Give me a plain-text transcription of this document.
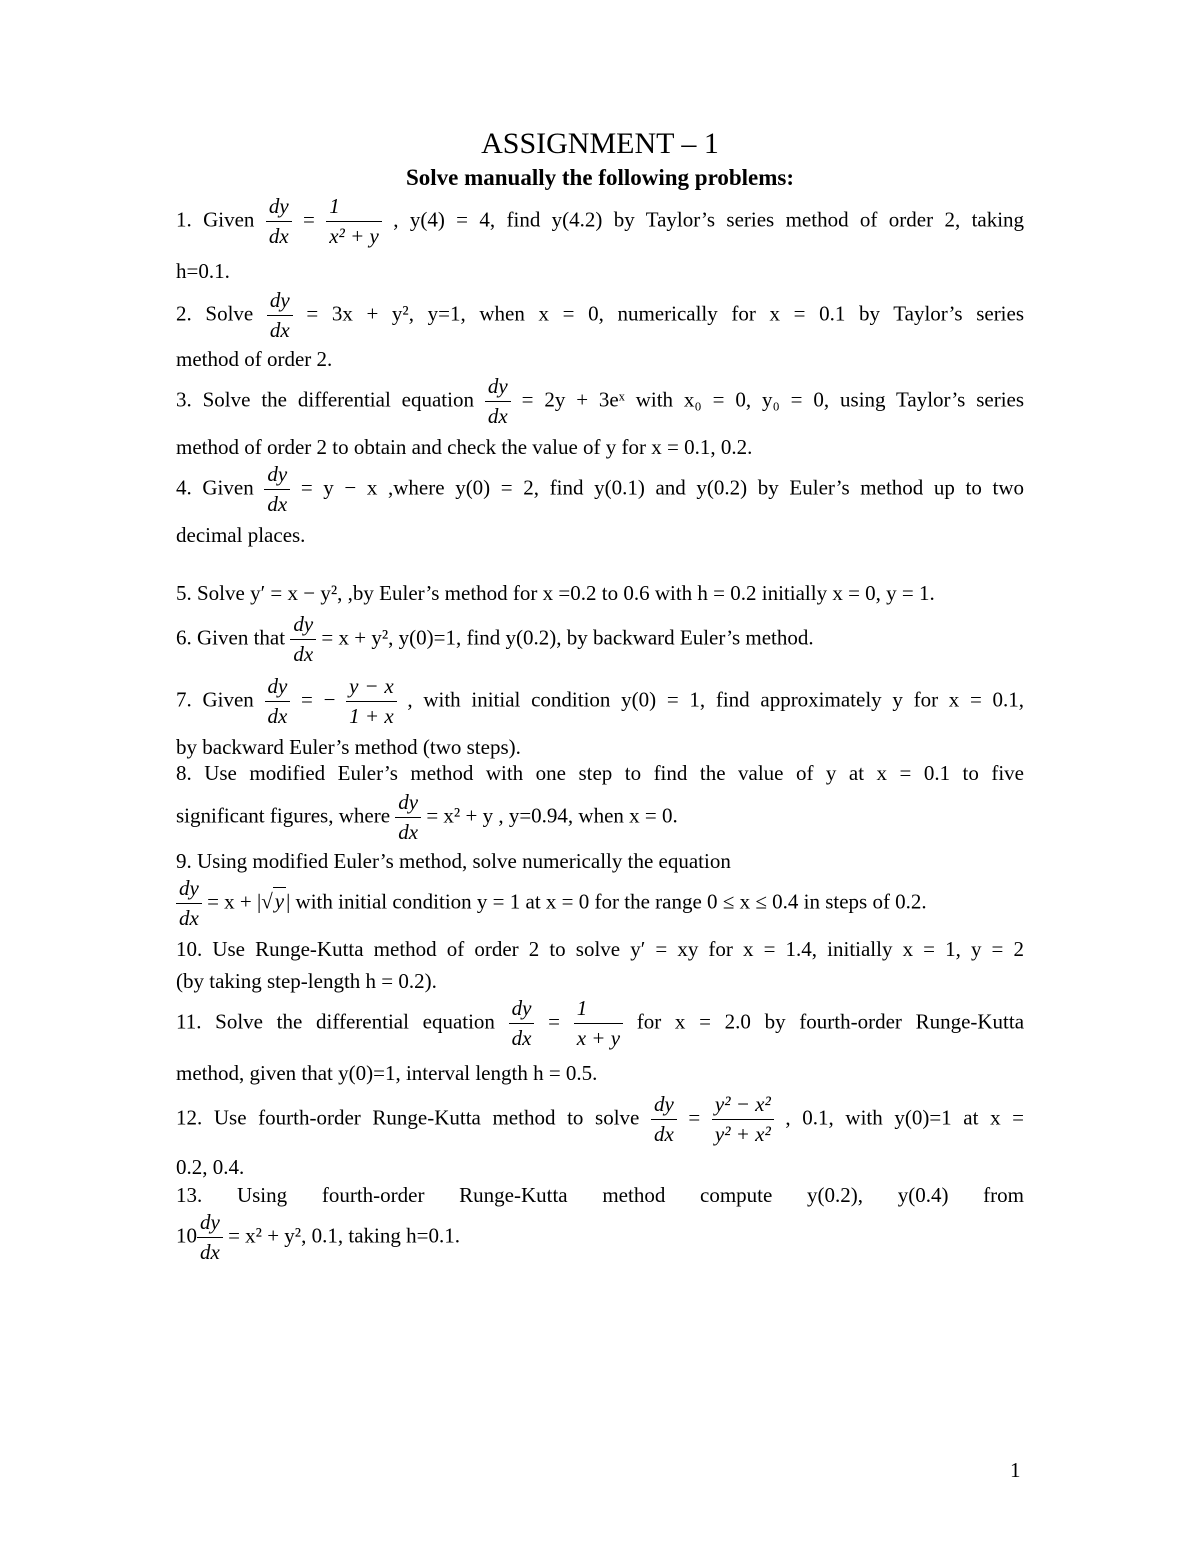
ASSIGNMENT – 1
Solve manually the following problems:
1. Given $\frac{dy}{dx} = \frac{1}{\text{x² + y}}$ , y(4) = 4, find y(4.2) by Taylor’s series method of order 2, taking
h=0.1.
2. Solve $\frac{dy}{dx} = 3x + y^2$, y=1, when x = 0, numerically for x = 0.1 by Taylor’s series
method of order 2.
3. Solve the differential equation $\frac{dy}{dx} = 2y$ + 3eˣ with x₀ = 0, y₀ = 0, using Taylor’s series
method of order 2 to obtain and check the value of y for x = 0.1, 0.2.
4. Given $\frac{dy}{dx} = y - x$ ,where y(0) = 2, find y(0.1) and y(0.2) by Euler’s method up to two
decimal places.
5. Solve y′ = x − y², ,by Euler’s method for x =0.2 to 0.6 with h = 0.2 initially x = 0, y = 1.
6. Given that $\frac{dy}{dx} = x + y^2$, y(0)=1, find y(0.2), by backward Euler’s method.
7. Given $\frac{dy}{dx}$ = − $\frac{y - x}{1 + x}$ , with initial condition y(0) = 1, find approximately y for x = 0.1,
by backward Euler’s method (two steps).
8. Use modified Euler’s method with one step to find the value of y at x = 0.1 to five
significant figures, where $\frac{dy}{dx} = x^2 + y$ , y=0.94, when x = 0.
9. Using modified Euler’s method, solve numerically the equation
$\frac{dy}{dx} = x + |√y|$ with initial condition y = 1 at x = 0 for the range 0 ≤ x ≤ 0.4 in steps of 0.2.
10. Use Runge-Kutta method of order 2 to solve y′ = xy for x = 1.4, initially x = 1, y = 2
(by taking step-length h = 0.2).
11. Solve the differential equation $\frac{dy}{dx} = \frac{1}{x + y}$ for x = 2.0 by fourth-order Runge-Kutta
method, given that y(0)=1, interval length h = 0.5.
12. Use fourth-order Runge-Kutta method to solve $\frac{dy}{dx} = \frac{\text{y² − x²}}{\text{y² + x²}}$ , 0.1, with y(0)=1 at x =
0.2, 0.4.
13. Using fourth-order Runge-Kutta method compute y(0.2), y(0.4) from
$10 \frac{dy}{dx} = x^2 + y^2$, 0.1, taking h=0.1.
1
